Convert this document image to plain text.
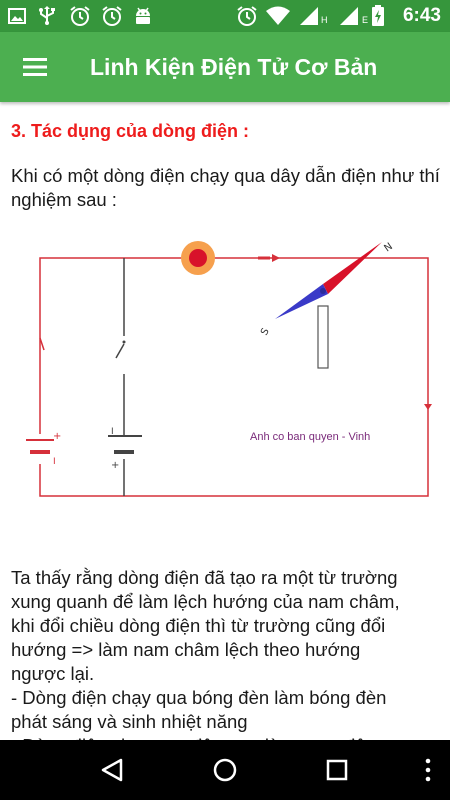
H	E 6:43
Linh Kiện Điện Tử Cơ Bản
3. Tác dụng của dòng điện :
Khi có một dòng điện chạy qua dây dẫn điện như thí nghiệm sau :
I
+
+
I
N
S
Anh co ban quyen - Vinh
Ta thấy rằng dòng điện đã tạo ra một từ trường
xung quanh để làm lệch hướng của nam châm,
khi đổi chiều dòng điện thì từ trường cũng đổi
hướng => làm nam châm lệch theo hướng
ngược lại.
- Dòng điện chạy qua bóng đèn làm bóng đèn
phát sáng và sinh nhiệt năng
